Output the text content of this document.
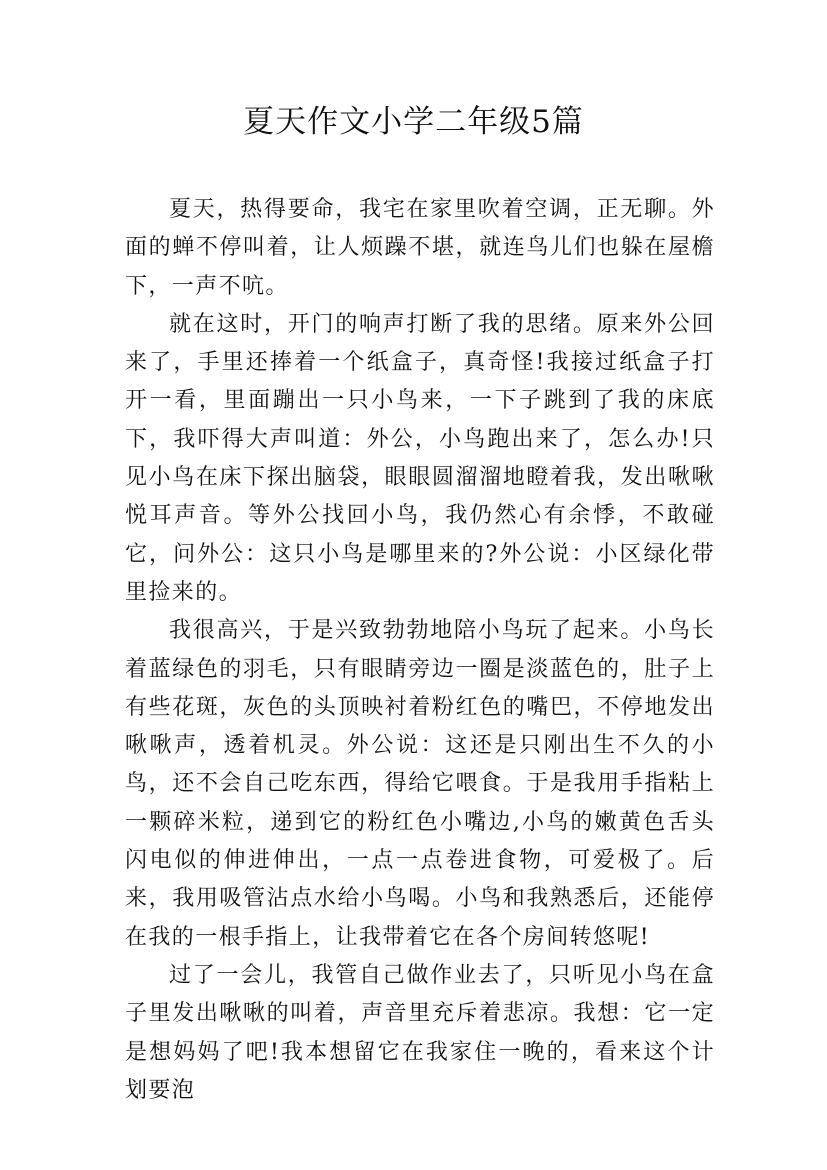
夏天作文小学二年级5篇

夏天，热得要命，我宅在家里吹着空调，正无聊。外面的蝉不停叫着，让人烦躁不堪，就连鸟儿们也躲在屋檐下，一声不吭。

就在这时，开门的响声打断了我的思绪。原来外公回来了，手里还捧着一个纸盒子，真奇怪!我接过纸盒子打开一看，里面蹦出一只小鸟来，一下子跳到了我的床底下，我吓得大声叫道：外公，小鸟跑出来了，怎么办!只见小鸟在床下探出脑袋，眼眼圆溜溜地瞪着我，发出啾啾悦耳声音。等外公找回小鸟，我仍然心有余悸，不敢碰它，问外公：这只小鸟是哪里来的?外公说：小区绿化带里捡来的。

我很高兴，于是兴致勃勃地陪小鸟玩了起来。小鸟长着蓝绿色的羽毛，只有眼睛旁边一圈是淡蓝色的，肚子上有些花斑，灰色的头顶映衬着粉红色的嘴巴，不停地发出啾啾声，透着机灵。外公说：这还是只刚出生不久的小鸟，还不会自己吃东西，得给它喂食。于是我用手指粘上一颗碎米粒，递到它的粉红色小嘴边,小鸟的嫩黄色舌头闪电似的伸进伸出，一点一点卷进食物，可爱极了。后来，我用吸管沾点水给小鸟喝。小鸟和我熟悉后，还能停在我的一根手指上，让我带着它在各个房间转悠呢!

过了一会儿，我管自己做作业去了，只听见小鸟在盒子里发出啾啾的叫着，声音里充斥着悲凉。我想：它一定是想妈妈了吧!我本想留它在我家住一晚的，看来这个计划要泡
